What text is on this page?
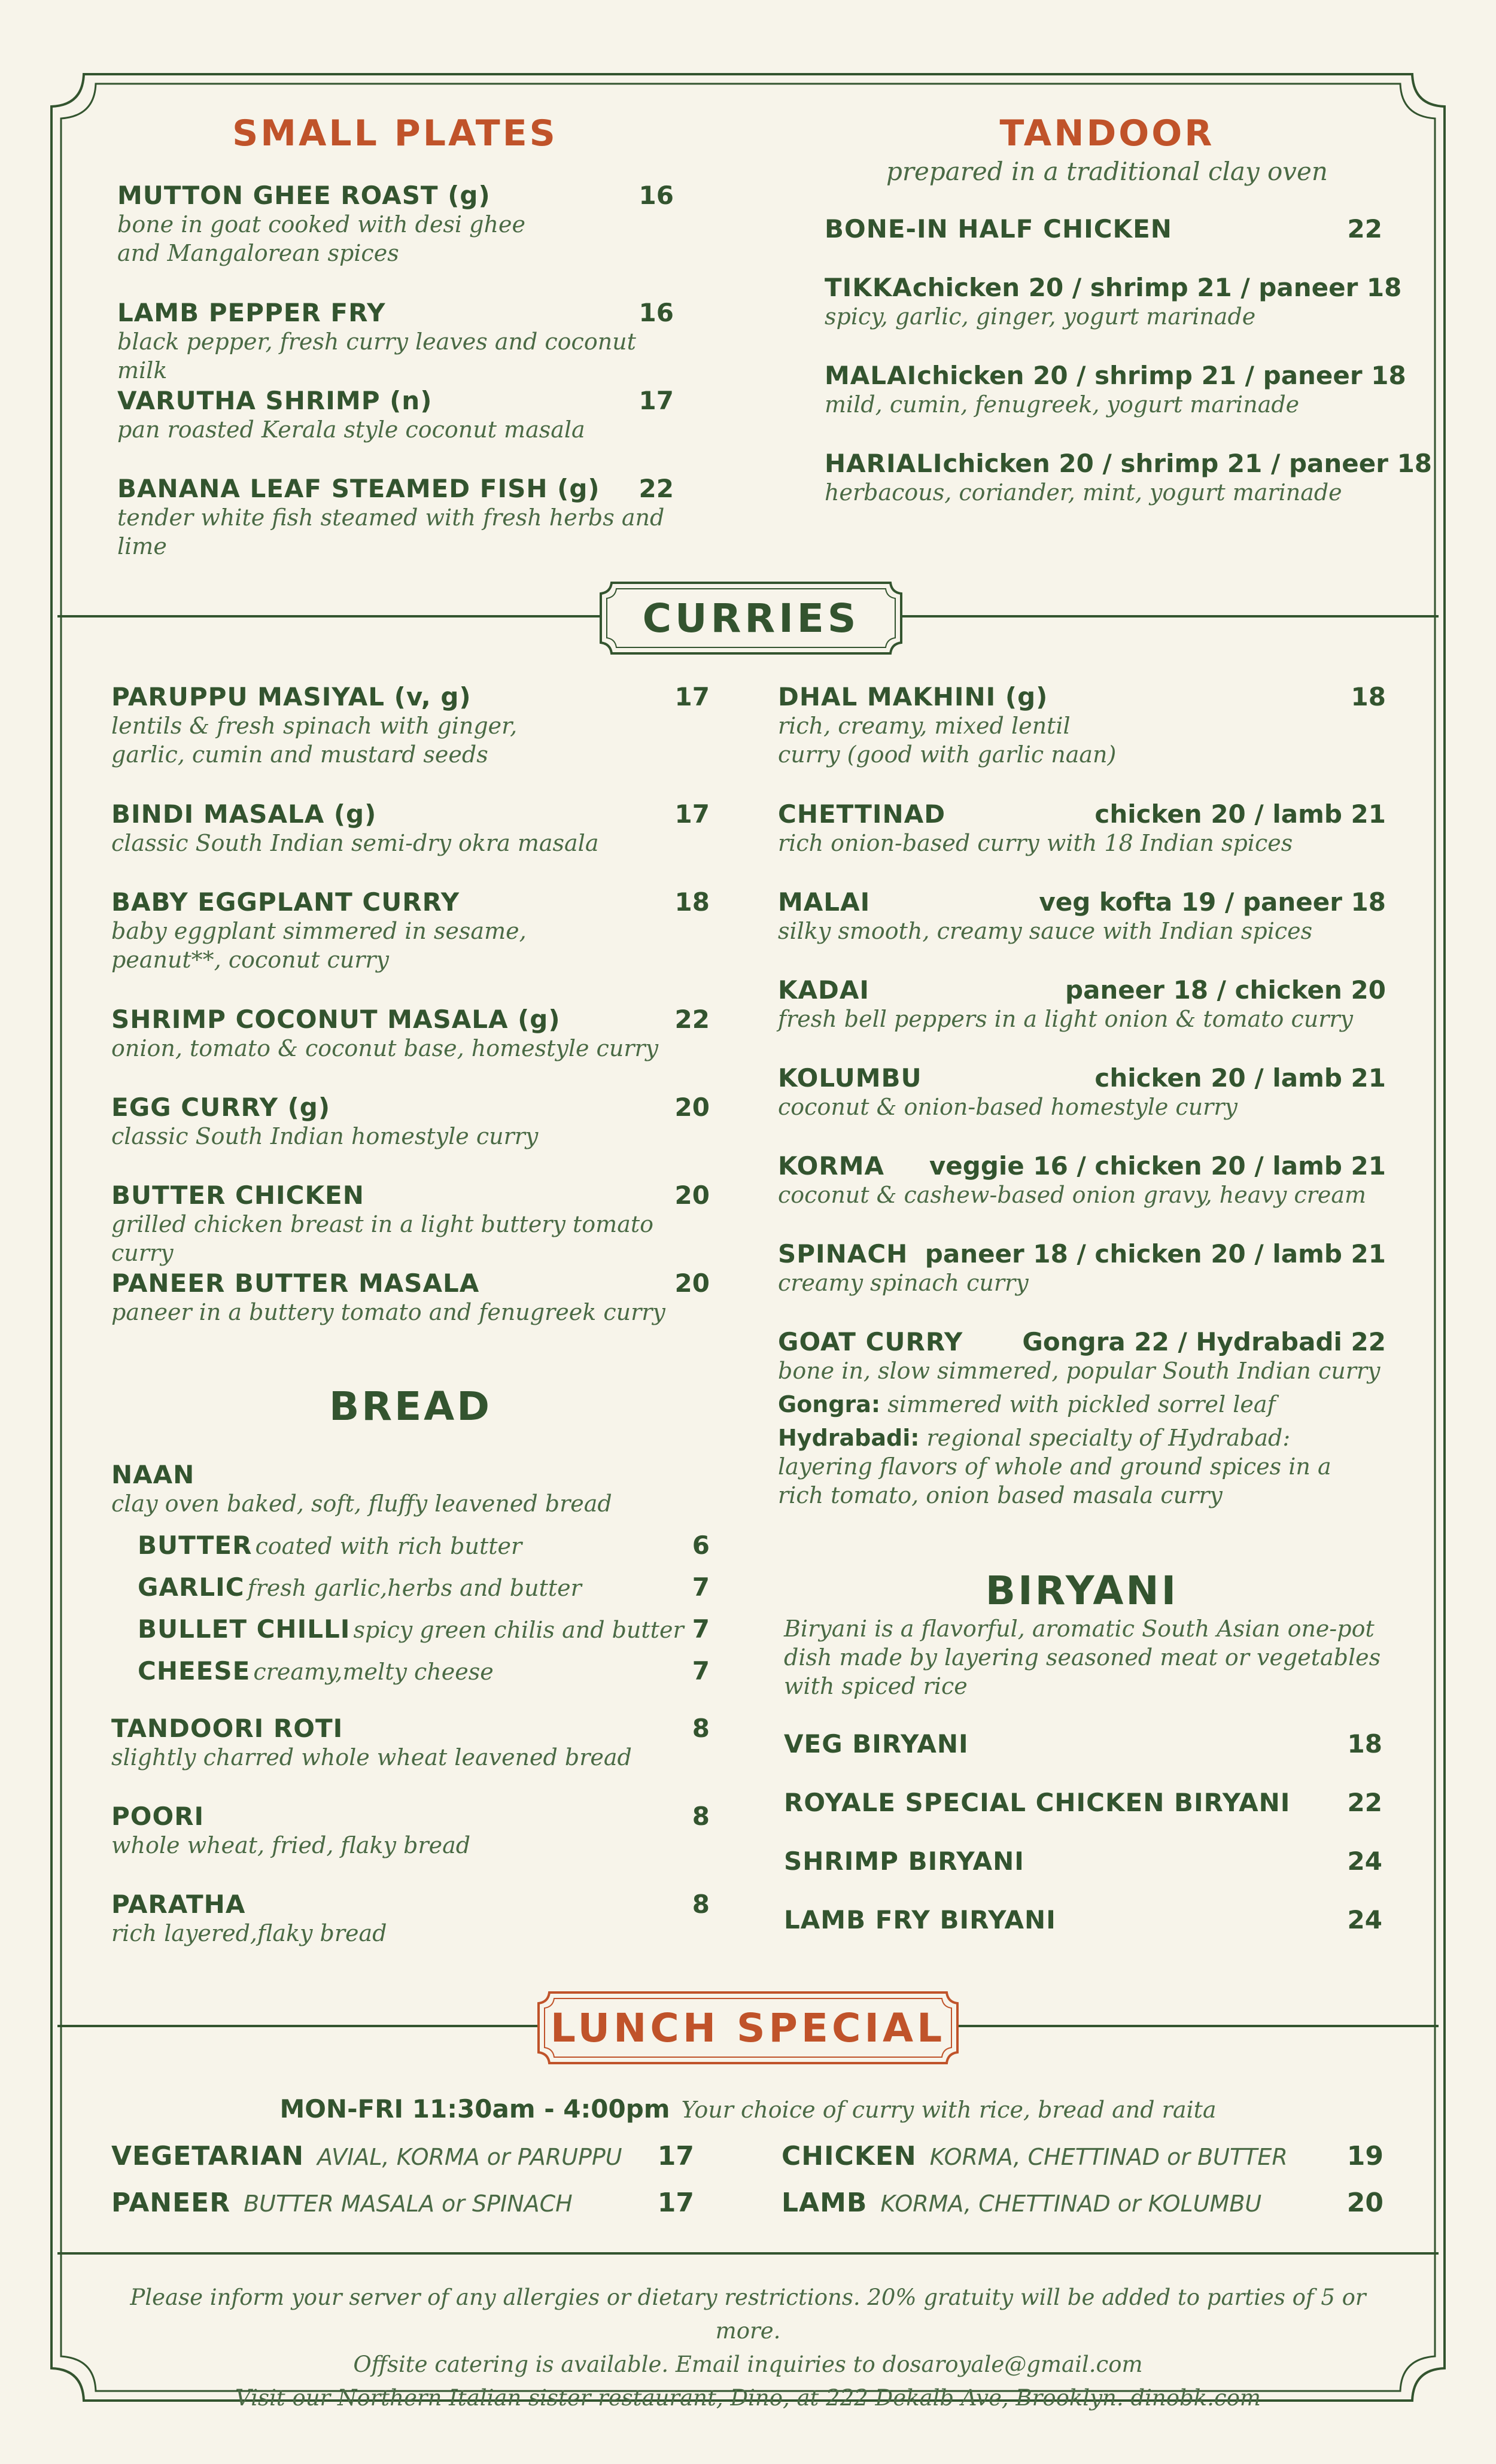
SMALL PLATES
MUTTON GHEE ROAST (g)	16
bone in goat cooked with desi ghee and Mangalorean spices
LAMB PEPPER FRY	16
black pepper, fresh curry leaves and coconut milk
VARUTHA SHRIMP (n)	17
pan roasted Kerala style coconut masala
BANANA LEAF STEAMED FISH (g) 22
tender white fish steamed with fresh herbs and lime
TANDOOR
prepared in a traditional clay oven
BONE-IN HALF CHICKEN	22
TIKKA chicken 20 / shrimp 21 / paneer 18
spicy, garlic, ginger, yogurt marinade
MALAI chicken 20 / shrimp 21 / paneer 18
mild, cumin, fenugreek, yogurt marinade
HARIALI chicken 20 / shrimp 21 / paneer 18
herbacous, coriander, mint, yogurt marinade
CURRIES
PARUPPU MASIYAL (v, g)	17
lentils & fresh spinach with ginger, garlic, cumin and mustard seeds
BINDI MASALA (g)	17
classic South Indian semi-dry okra masala
BABY EGGPLANT CURRY	18
baby eggplant simmered in sesame, peanut**, coconut curry
SHRIMP COCONUT MASALA (g)	22
onion, tomato & coconut base, homestyle curry
EGG CURRY (g)	20
classic South Indian homestyle curry
BUTTER CHICKEN	20
grilled chicken breast in a light buttery tomato curry
PANEER BUTTER MASALA	20
paneer in a buttery tomato and fenugreek curry
DHAL MAKHINI (g)	18
rich, creamy, mixed lentil curry (good with garlic naan)
CHETTINAD	chicken 20 / lamb 21
rich onion-based curry with 18 Indian spices
MALAI	veg kofta 19 / paneer 18
silky smooth, creamy sauce with Indian spices
KADAI	paneer 18 / chicken 20
fresh bell peppers in a light onion & tomato curry
KOLUMBU	chicken 20 / lamb 21
coconut & onion-based homestyle curry
KORMA veggie 16 / chicken 20 / lamb 21
coconut & cashew-based onion gravy, heavy cream
SPINACH paneer 18 / chicken 20 / lamb 21
creamy spinach curry
GOAT CURRY Gongra 22 / Hydrabadi 22
bone in, slow simmered, popular South Indian curry
Gongra: simmered with pickled sorrel leaf
Hydrabadi: regional specialty of Hydrabad: layering flavors of whole and ground spices in a rich tomato, onion based masala curry
BREAD
NAAN
clay oven baked, soft, fluffy leavened bread
BUTTER coated with rich butter	6
GARLIC fresh garlic,herbs and butter	7
BULLET CHILLI spicy green chilis and butter 7
CHEESE creamy,melty cheese	7
TANDOORI ROTI	8
slightly charred whole wheat leavened bread
POORI	8
whole wheat, fried, flaky bread
PARATHA	8
rich layered,flaky bread
BIRYANI
Biryani is a flavorful, aromatic South Asian one-pot dish made by layering seasoned meat or vegetables with spiced rice
VEG BIRYANI	18
ROYALE SPECIAL CHICKEN BIRYANI 22
SHRIMP BIRYANI	24
LAMB FRY BIRYANI	24
LUNCH SPECIAL
MON-FRI 11:30am - 4:00pm Your choice of curry with rice, bread and raita
VEGETARIAN AVIAL, KORMA or PARUPPU 17
PANEER BUTTER MASALA or SPINACH	17
CHICKEN KORMA, CHETTINAD or BUTTER 19
LAMB KORMA, CHETTINAD or KOLUMBU	20
Please inform your server of any allergies or dietary restrictions. 20% gratuity will be added to parties of 5 or more.
Offsite catering is available. Email inquiries to dosaroyale@gmail.com
Visit our Northern Italian sister restaurant, Dino, at 222 Dekalb Ave, Brooklyn. dinobk.com
